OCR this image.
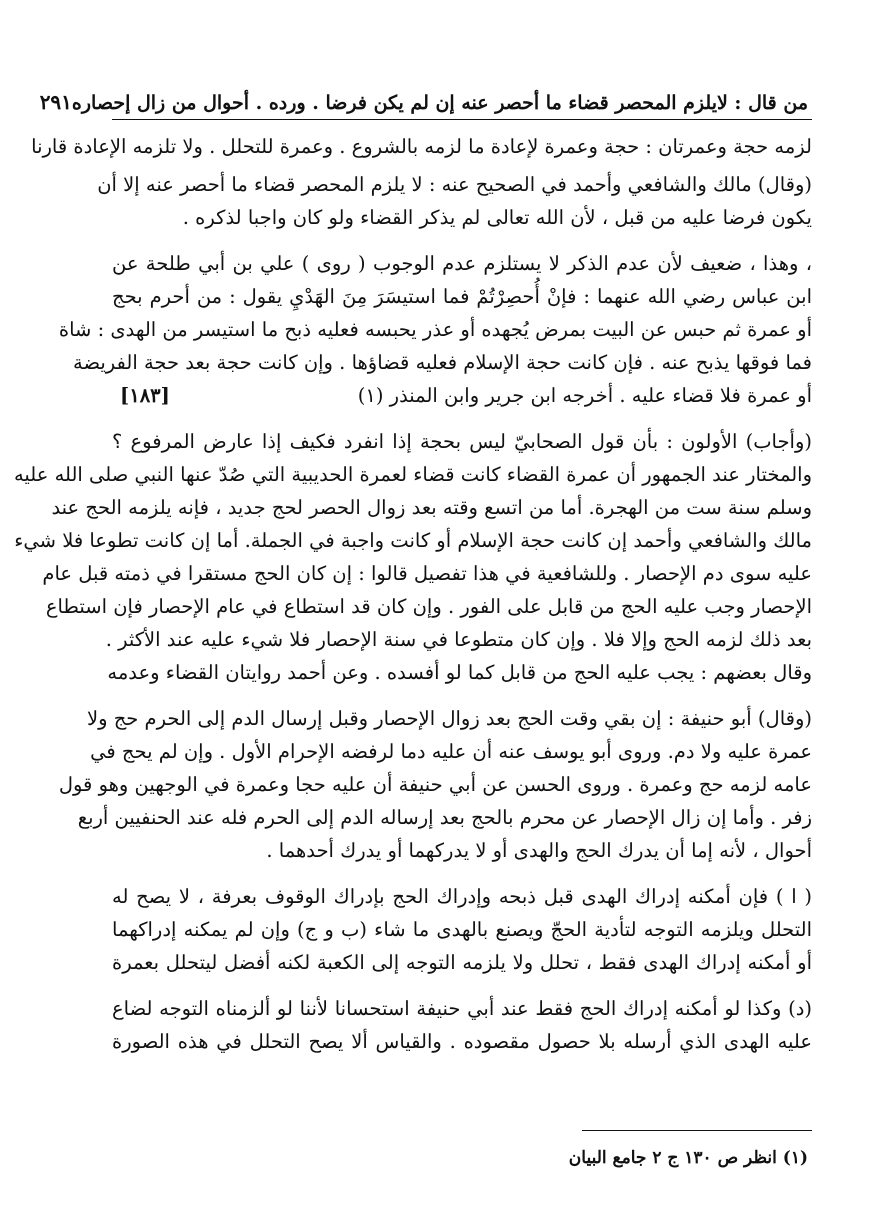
من قال : لايلزم المحصر قضاء ما أحصر عنه إن لم يكن فرضا . ورده . أحوال من زال إحصاره
٢٩١

لزمه حجة وعمرتان : حجة وعمرة لإعادة ما لزمه بالشروع . وعمرة للتحلل . ولا تلزمه الإعادة قارنا

(وقال) مالك والشافعي وأحمد في الصحيح عنه : لا يلزم المحصر قضاء ما أحصر عنه إلا أن
يكون فرضا عليه من قبل ، لأن الله تعالى لم يذكر القضاء ولو كان واجبا لذكره .

، وهذا ، ضعيف لأن عدم الذكر لا يستلزم عدم الوجوب ( روى ) علي بن أبي طلحة عن
ابن عباس رضي الله عنهما : فإنْ أُحصِرْتُمْ فما استيسَرَ مِنَ الهَدْيِ يقول : من أحرم بحج
أو عمرة ثم حبس عن البيت بمرض يُجهده أو عذر يحبسه فعليه ذبح ما استيسر من الهدى : شاة
فما فوقها يذبح عنه . فإن كانت حجة الإسلام فعليه قضاؤها . وإن كانت حجة بعد حجة الفريضة
أو عمرة فلا قضاء عليه . أخرجه ابن جرير وابن المنذر (١)
[١٨٣]

(وأجاب) الأولون : بأن قول الصحابيّ ليس بحجة إذا انفرد فكيف إذا عارض المرفوع ؟
والمختار عند الجمهور أن عمرة القضاء كانت قضاء لعمرة الحديبية التي صُدّ عنها النبي صلى الله عليه
وسلم سنة ست من الهجرة. أما من اتسع وقته بعد زوال الحصر لحج جديد ، فإنه يلزمه الحج عند
مالك والشافعي وأحمد إن كانت حجة الإسلام أو كانت واجبة في الجملة. أما إن كانت تطوعا فلا شيء
عليه سوى دم الإحصار . وللشافعية في هذا تفصيل قالوا : إن كان الحج مستقرا في ذمته قبل عام
الإحصار وجب عليه الحج من قابل على الفور . وإن كان قد استطاع في عام الإحصار فإن استطاع
بعد ذلك لزمه الحج وإلا فلا . وإن كان متطوعا في سنة الإحصار فلا شيء عليه عند الأكثر .
وقال بعضهم : يجب عليه الحج من قابل كما لو أفسده . وعن أحمد روايتان القضاء وعدمه

(وقال) أبو حنيفة : إن بقي وقت الحج بعد زوال الإحصار وقبل إرسال الدم إلى الحرم حج ولا
عمرة عليه ولا دم. وروى أبو يوسف عنه أن عليه دما لرفضه الإحرام الأول . وإن لم يحج في
عامه لزمه حج وعمرة . وروى الحسن عن أبي حنيفة أن عليه حجا وعمرة في الوجهين وهو قول
زفر . وأما إن زال الإحصار عن محرم بالحج بعد إرساله الدم إلى الحرم فله عند الحنفيين أربع
أحوال ، لأنه إما أن يدرك الحج والهدى أو لا يدركهما أو يدرك أحدهما .

( ا ) فإن أمكنه إدراك الهدى قبل ذبحه وإدراك الحج بإدراك الوقوف بعرفة ، لا يصح له
التحلل ويلزمه التوجه لتأدية الحجّ ويصنع بالهدى ما شاء (ب و ج) وإن لم يمكنه إدراكهما
أو أمكنه إدراك الهدى فقط ، تحلل ولا يلزمه التوجه إلى الكعبة لكنه أفضل ليتحلل بعمرة

(د) وكذا لو أمكنه إدراك الحج فقط عند أبي حنيفة استحسانا لأننا لو ألزمناه التوجه لضاع
عليه الهدى الذي أرسله بلا حصول مقصوده . والقياس ألا يصح التحلل في هذه الصورة

(١) انظر ص ١٣٠ ج ٢ جامع البيان
